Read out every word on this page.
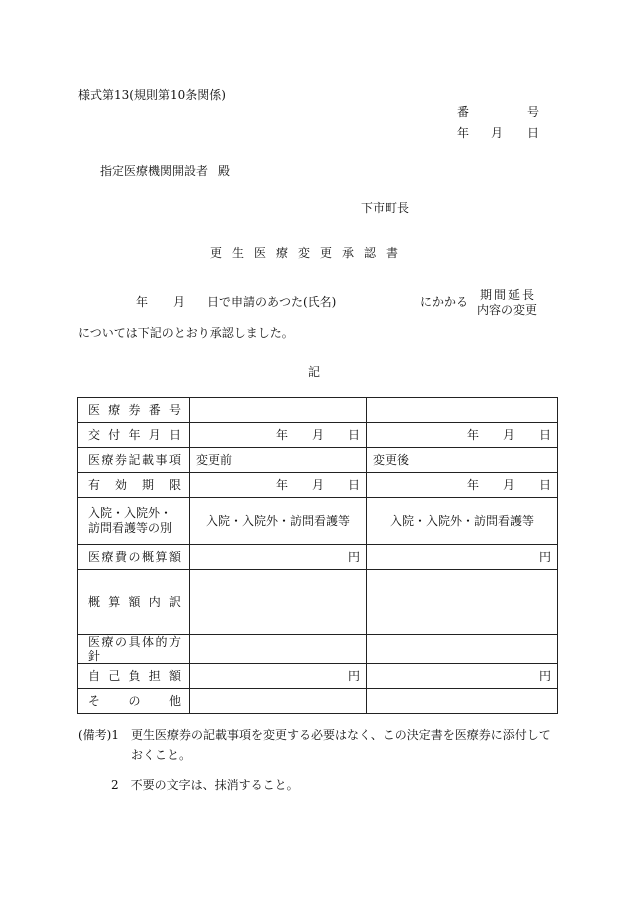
様式第13(規則第10条関係)
番	号
年 月 日
指定医療機関開設者 殿
下市町長
更生医療変更承認書
年 月 日で申請のあつた(氏名)	にかかる 期間延長
内容の変更
については下記のとおり承認しました。
記
医療券番号		
交付年月日	年　　月　　日	年　　月　　日
医療券記載事項	変更前	変更後
有効期限	年　　月　　日	年　　月　　日
入院・入院外・訪問看護等の別	入院・入院外・訪問看護等	入院・入院外・訪問看護等
医療費の概算額	円	円
概算額内訳		
医療の具体的方針		
自己負担額	円	円
その他		
(備考)1　更生医療券の記載事項を変更する必要はなく、この決定書を医療券に添付して
おくこと。
2　不要の文字は、抹消すること。
